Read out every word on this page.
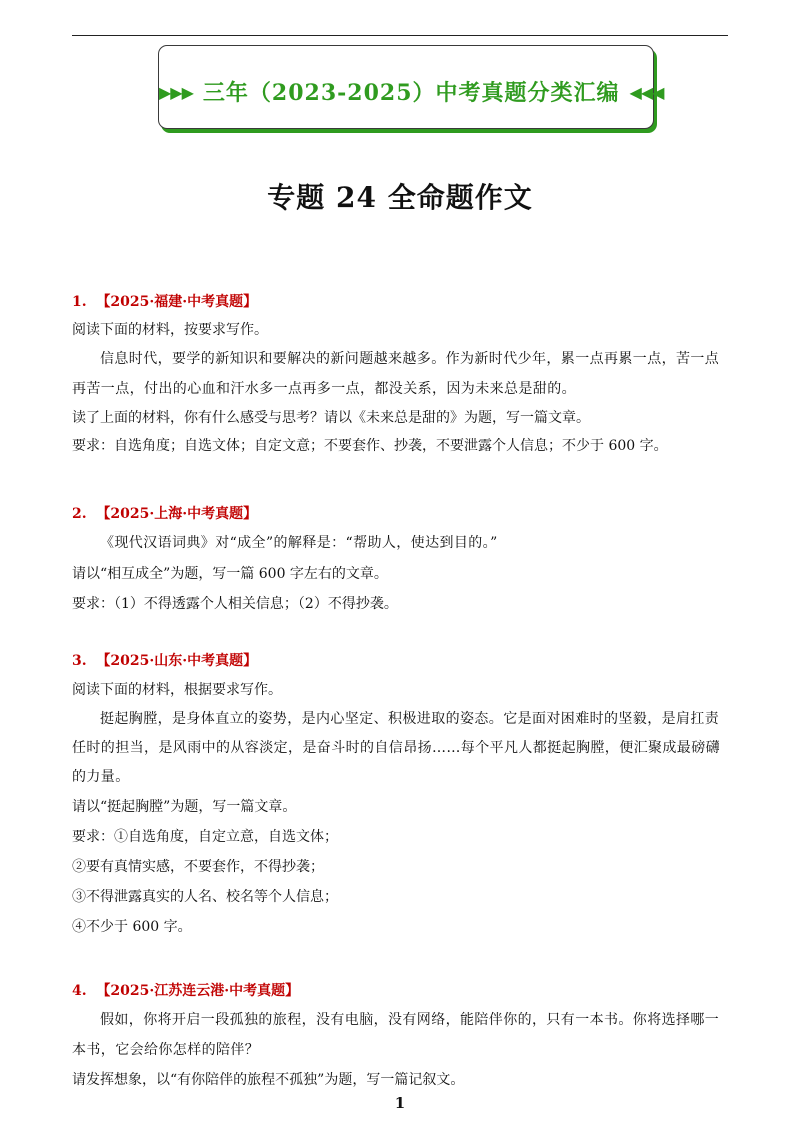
▶▶▶ 三年（2023-2025）中考真题分类汇编 ◀◀◀
专题 24 全命题作文

1. 【2025·福建·中考真题】

阅读下面的材料，按要求写作。

信息时代，要学的新知识和要解决的新问题越来越多。作为新时代少年，累一点再累一点，苦一点再苦一点，付出的心血和汗水多一点再多一点，都没关系，因为未来总是甜的。

读了上面的材料，你有什么感受与思考？请以《未来总是甜的》为题，写一篇文章。

要求：自选角度；自选文体；自定文意；不要套作、抄袭，不要泄露个人信息；不少于 600 字。

2. 【2025·上海·中考真题】

《现代汉语词典》对“成全”的解释是：“帮助人，使达到目的。”

请以“相互成全”为题，写一篇 600 字左右的文章。

要求：（1）不得透露个人相关信息；（2）不得抄袭。

3. 【2025·山东·中考真题】

阅读下面的材料，根据要求写作。

挺起胸膛，是身体直立的姿势，是内心坚定、积极进取的姿态。它是面对困难时的坚毅，是肩扛责任时的担当，是风雨中的从容淡定，是奋斗时的自信昂扬……每个平凡人都挺起胸膛，便汇聚成最磅礴的力量。

请以“挺起胸膛”为题，写一篇文章。

要求：①自选角度，自定立意，自选文体；

②要有真情实感，不要套作，不得抄袭；

③不得泄露真实的人名、校名等个人信息；

④不少于 600 字。

4. 【2025·江苏连云港·中考真题】

假如，你将开启一段孤独的旅程，没有电脑，没有网络，能陪伴你的，只有一本书。你将选择哪一本书，它会给你怎样的陪伴？

请发挥想象，以“有你陪伴的旅程不孤独”为题，写一篇记叙文。

1
